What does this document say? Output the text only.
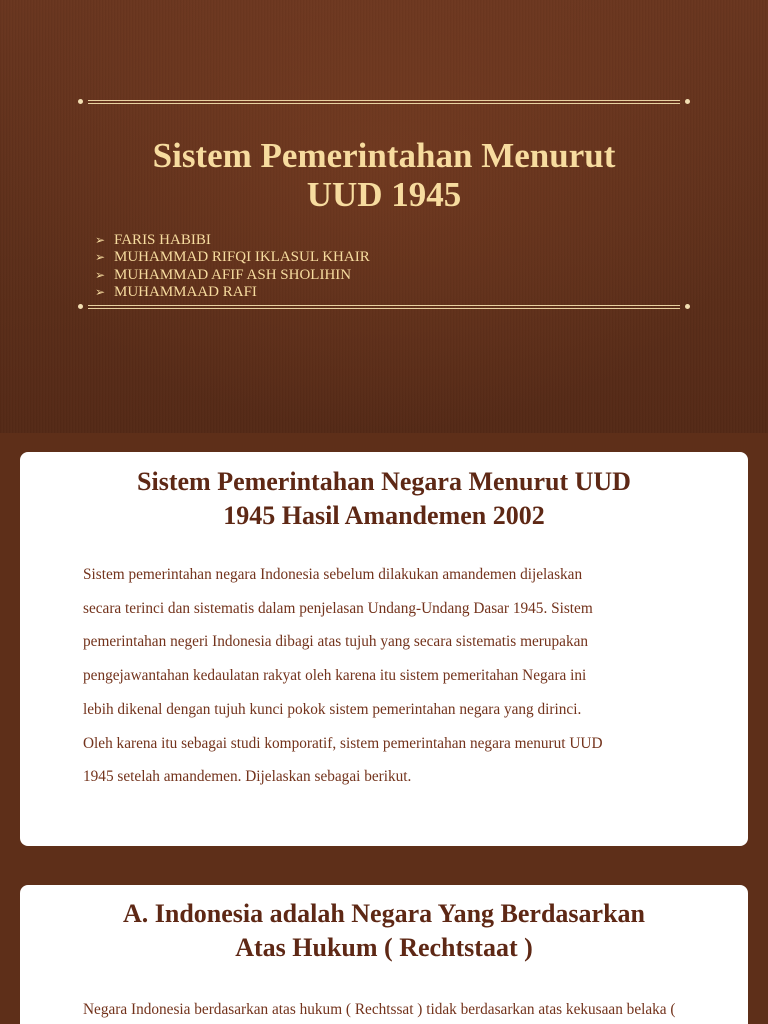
Sistem Pemerintahan Menurut
UUD 1945
➢ FARIS HABIBI
➢ MUHAMMAD RIFQI IKLASUL KHAIR
➢ MUHAMMAD AFIF ASH SHOLIHIN
➢ MUHAMMAAD RAFI
Sistem Pemerintahan Negara Menurut UUD
1945 Hasil Amandemen 2002
Sistem pemerintahan negara Indonesia sebelum dilakukan amandemen dijelaskan
secara terinci dan sistematis dalam penjelasan Undang-Undang Dasar 1945. Sistem
pemerintahan negeri Indonesia dibagi atas tujuh yang secara sistematis merupakan
pengejawantahan kedaulatan rakyat oleh karena itu sistem pemeritahan Negara ini
lebih dikenal dengan tujuh kunci pokok sistem pemerintahan negara yang dirinci.
Oleh karena itu sebagai studi komporatif, sistem pemerintahan negara menurut UUD
1945 setelah amandemen. Dijelaskan sebagai berikut.
A. Indonesia adalah Negara Yang Berdasarkan
Atas Hukum ( Rechtstaat )
Negara Indonesia berdasarkan atas hukum ( Rechtssat ) tidak berdasarkan atas kekusaan belaka (
